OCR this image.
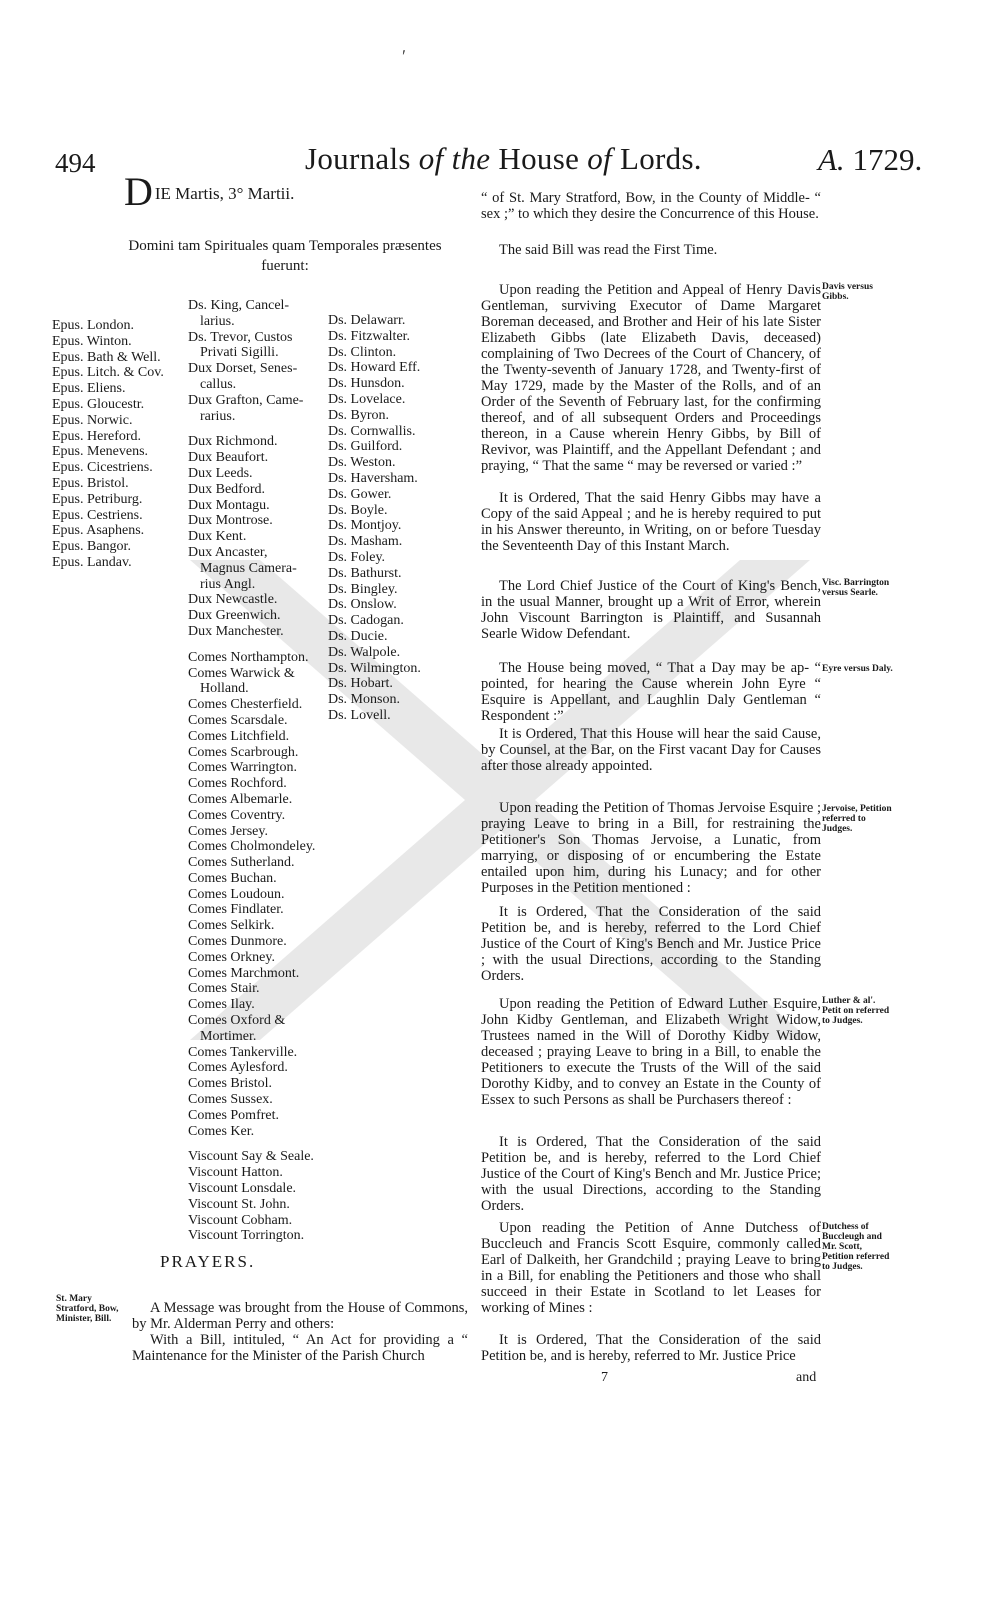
ʹ
494	Journals of the House of Lords.	A. 1729.
DIE Martis, 3° Martii.
Domini tam Spirituales quam Temporales præsentes
fuerunt:
Epus. London.
Epus. Winton.
Epus. Bath & Well.
Epus. Litch. & Cov.
Epus. Eliens.
Epus. Gloucestr.
Epus. Norwic.
Epus. Hereford.
Epus. Menevens.
Epus. Cicestriens.
Epus. Bristol.
Epus. Petriburg.
Epus. Cestriens.
Epus. Asaphens.
Epus. Bangor.
Epus. Landav.
Ds. King, Cancel-
larius.
Ds. Trevor, Custos
Privati Sigilli.
Dux Dorset, Senes-
callus.
Dux Grafton, Came-
rarius.
Dux Richmond.
Dux Beaufort.
Dux Leeds.
Dux Bedford.
Dux Montagu.
Dux Montrose.
Dux Kent.
Dux Ancaster,
Magnus Camera-
rius Angl.
Dux Newcastle.
Dux Greenwich.
Dux Manchester.
Comes Northampton.
Comes Warwick &
Holland.
Comes Chesterfield.
Comes Scarsdale.
Comes Litchfield.
Comes Scarbrough.
Comes Warrington.
Comes Rochford.
Comes Albemarle.
Comes Coventry.
Comes Jersey.
Comes Cholmondeley.
Comes Sutherland.
Comes Buchan.
Comes Loudoun.
Comes Findlater.
Comes Selkirk.
Comes Dunmore.
Comes Orkney.
Comes Marchmont.
Comes Stair.
Comes Ilay.
Comes Oxford &
Mortimer.
Comes Tankerville.
Comes Aylesford.
Comes Bristol.
Comes Sussex.
Comes Pomfret.
Comes Ker.
Viscount Say & Seale.
Viscount Hatton.
Viscount Lonsdale.
Viscount St. John.
Viscount Cobham.
Viscount Torrington.
Ds. Delawarr.
Ds. Fitzwalter.
Ds. Clinton.
Ds. Howard Eff.
Ds. Hunsdon.
Ds. Lovelace.
Ds. Byron.
Ds. Cornwallis.
Ds. Guilford.
Ds. Weston.
Ds. Haversham.
Ds. Gower.
Ds. Boyle.
Ds. Montjoy.
Ds. Masham.
Ds. Foley.
Ds. Bathurst.
Ds. Bingley.
Ds. Onslow.
Ds. Cadogan.
Ds. Ducie.
Ds. Walpole.
Ds. Wilmington.
Ds. Hobart.
Ds. Monson.
Ds. Lovell.
PRAYERS.
St. Mary Stratford, Bow, Minister, Bill.

A Message was brought from the House of Commons, by Mr. Alderman Perry and others:

With a Bill, intituled, “ An Act for providing a “ Maintenance for the Minister of the Parish Church

“ of St. Mary Stratford, Bow, in the County of Middle- “ sex ;” to which they desire the Concurrence of this House.

The said Bill was read the First Time.

Upon reading the Petition and Appeal of Henry Davis Gentleman, surviving Executor of Dame Margaret Boreman deceased, and Brother and Heir of his late Sister Elizabeth Gibbs (late Elizabeth Davis, deceased) complaining of Two Decrees of the Court of Chancery, of the Twenty-seventh of January 1728, and Twenty-first of May 1729, made by the Master of the Rolls, and of an Order of the Seventh of February last, for the confirming thereof, and of all subsequent Orders and Proceedings thereon, in a Cause wherein Henry Gibbs, by Bill of Revivor, was Plaintiff, and the Appellant Defendant ; and praying, “ That the same “ may be reversed or varied :”

It is Ordered, That the said Henry Gibbs may have a Copy of the said Appeal ; and he is hereby required to put in his Answer thereunto, in Writing, on or before Tuesday the Seventeenth Day of this Instant March.

The Lord Chief Justice of the Court of King's Bench, in the usual Manner, brought up a Writ of Error, wherein John Viscount Barrington is Plaintiff, and Susannah Searle Widow Defendant.

The House being moved, “ That a Day may be ap- “ pointed, for hearing the Cause wherein John Eyre “ Esquire is Appellant, and Laughlin Daly Gentleman “ Respondent :”

It is Ordered, That this House will hear the said Cause, by Counsel, at the Bar, on the First vacant Day for Causes after those already appointed.

Upon reading the Petition of Thomas Jervoise Esquire ; praying Leave to bring in a Bill, for restraining the Petitioner's Son Thomas Jervoise, a Lunatic, from marrying, or disposing of or encumbering the Estate entailed upon him, during his Lunacy; and for other Purposes in the Petition mentioned :

It is Ordered, That the Consideration of the said Petition be, and is hereby, referred to the Lord Chief Justice of the Court of King's Bench and Mr. Justice Price ; with the usual Directions, according to the Standing Orders.

Upon reading the Petition of Edward Luther Esquire, John Kidby Gentleman, and Elizabeth Wright Widow, Trustees named in the Will of Dorothy Kidby Widow, deceased ; praying Leave to bring in a Bill, to enable the Petitioners to execute the Trusts of the Will of the said Dorothy Kidby, and to convey an Estate in the County of Essex to such Persons as shall be Purchasers thereof :

It is Ordered, That the Consideration of the said Petition be, and is hereby, referred to the Lord Chief Justice of the Court of King's Bench and Mr. Justice Price; with the usual Directions, according to the Standing Orders.

Upon reading the Petition of Anne Dutchess of Buccleuch and Francis Scott Esquire, commonly called Earl of Dalkeith, her Grandchild ; praying Leave to bring in a Bill, for enabling the Petitioners and those who shall succeed in their Estate in Scotland to let Leases for working of Mines :

It is Ordered, That the Consideration of the said Petition be, and is hereby, referred to Mr. Justice Price

Davis versus Gibbs.
Visc. Barrington versus Searle.
Eyre versus Daly.
Jervoise, Petition referred to Judges.
Luther & al'. Petit on referred to Judges.
Dutchess of Buccleugh and Mr. Scott, Petition referred to Judges.
7	and
